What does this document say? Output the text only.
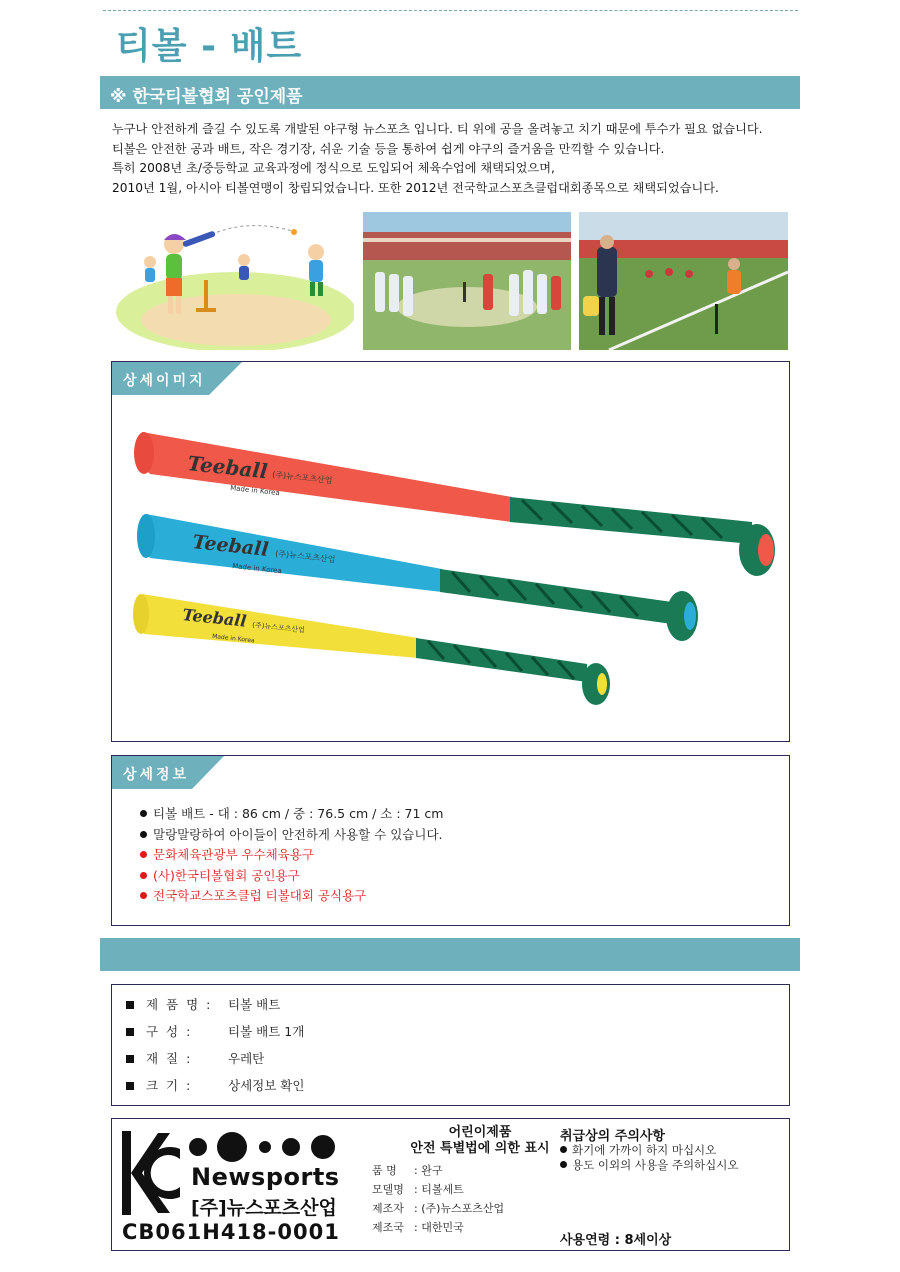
티볼 - 배트
※ 한국티볼협회 공인제품
누구나 안전하게 즐길 수 있도록 개발된 야구형 뉴스포츠 입니다. 티 위에 공을 올려놓고 치기 때문에 투수가 필요 없습니다.
티볼은 안전한 공과 배트, 작은 경기장, 쉬운 기술 등을 통하여 쉽게 야구의 즐거움을 만끽할 수 있습니다.
특히 2008년 초/중등학교 교육과정에 정식으로 도입되어 체육수업에 채택되었으며,
2010년 1월, 아시아 티볼연맹이 창립되었습니다. 또한 2012년 전국학교스포츠클럽대회종목으로 채택되었습니다.
상세이미지
Teeball (주)뉴스포츠산업
Made in Korea
Teeball (주)뉴스포츠산업
Made in Korea
Teeball (주)뉴스포츠산업
Made in Korea
상세정보
티볼 배트 - 대 : 86 cm / 중 : 76.5 cm / 소 : 71 cm
말랑말랑하여 아이들이 안전하게 사용할 수 있습니다.
문화체육관광부 우수체육용구
(사)한국티볼협회 공인용구
전국학교스포츠클럽 티볼대회 공식용구
제 품 명 :	티볼 배트
구 성 :	티볼 배트 1개
재 질 :	우레탄
크 기 :	상세정보 확인
Newsports
[주]뉴스포츠산업
CB061H418-0001
어린이제품
안전 특별법에 의한 표시
품 명 : 완구
모델명 : 티볼세트
제조자 : (주)뉴스포츠산업
제조국 : 대한민국
취급상의 주의사항
화기에 가까이 하지 마십시오
용도 이외의 사용을 주의하십시오
사용연령 : 8세이상
